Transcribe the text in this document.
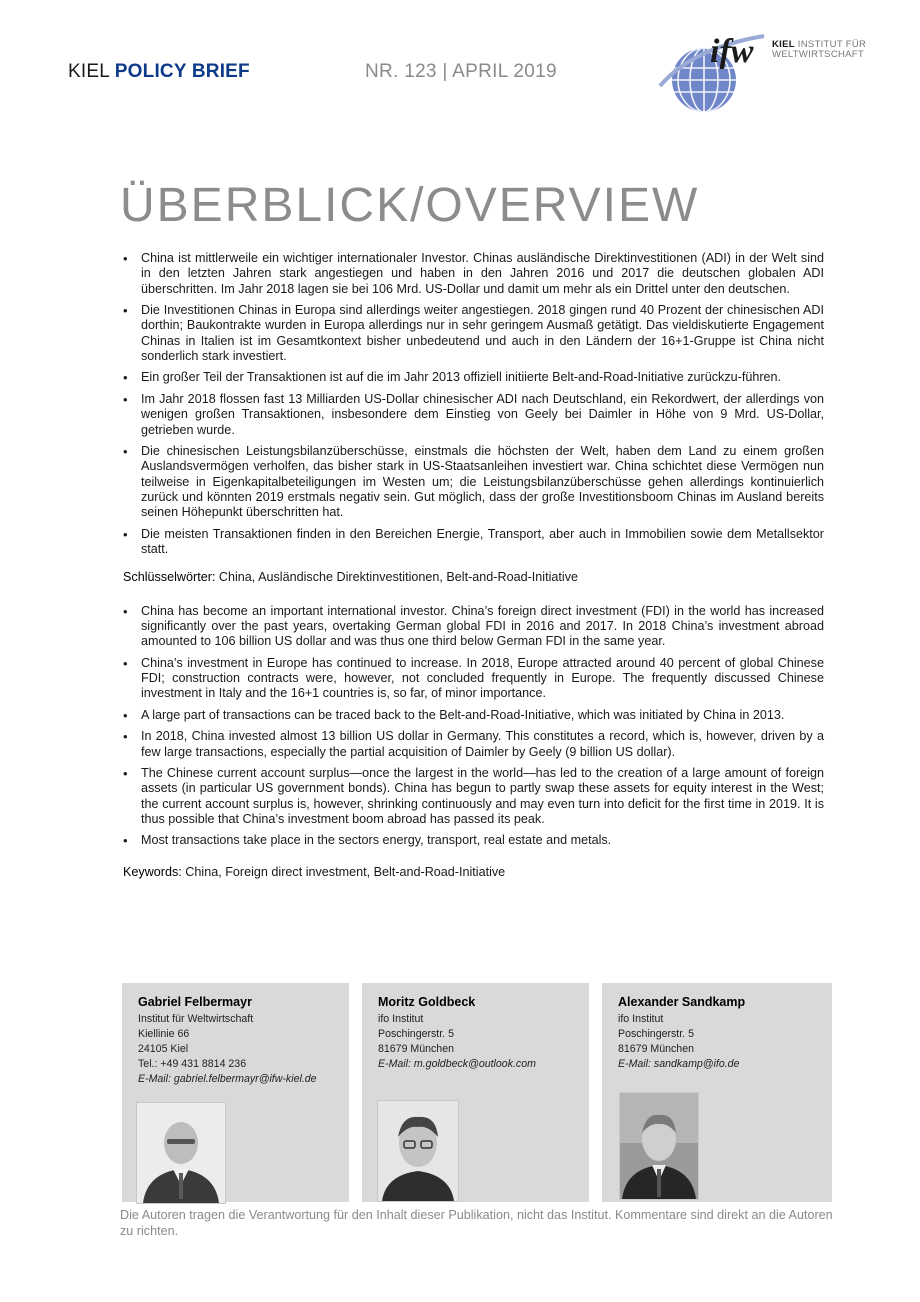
KIEL POLICY BRIEF	NR. 123 | APRIL 2019
ifw KIEL INSTITUT FÜR
WELTWIRTSCHAFT
ÜBERBLICK/OVERVIEW
• China ist mittlerweile ein wichtiger internationaler Investor. Chinas ausländische Direktinvestitionen (ADI) in der Welt sind in den letzten Jahren stark angestiegen und haben in den Jahren 2016 und 2017 die deutschen globalen ADI überschritten. Im Jahr 2018 lagen sie bei 106 Mrd. US-Dollar und damit um mehr als ein Drittel unter den deutschen.
• Die Investitionen Chinas in Europa sind allerdings weiter angestiegen. 2018 gingen rund 40 Prozent der chinesischen ADI dorthin; Baukontrakte wurden in Europa allerdings nur in sehr geringem Ausmaß getätigt. Das vieldiskutierte Engagement Chinas in Italien ist im Gesamtkontext bisher unbedeutend und auch in den Ländern der 16+1-Gruppe ist China nicht sonderlich stark investiert.
• Ein großer Teil der Transaktionen ist auf die im Jahr 2013 offiziell initiierte Belt-and-Road-Initiative zurückzu-führen.
• Im Jahr 2018 flossen fast 13 Milliarden US-Dollar chinesischer ADI nach Deutschland, ein Rekordwert, der allerdings von wenigen großen Transaktionen, insbesondere dem Einstieg von Geely bei Daimler in Höhe von 9 Mrd. US-Dollar, getrieben wurde.
• Die chinesischen Leistungsbilanzüberschüsse, einstmals die höchsten der Welt, haben dem Land zu einem großen Auslandsvermögen verholfen, das bisher stark in US-Staatsanleihen investiert war. China schichtet diese Vermögen nun teilweise in Eigenkapitalbeteiligungen im Westen um; die Leistungsbilanzüberschüsse gehen allerdings kontinuierlich zurück und könnten 2019 erstmals negativ sein. Gut möglich, dass der große Investitionsboom Chinas im Ausland bereits seinen Höhepunkt überschritten hat.
• Die meisten Transaktionen finden in den Bereichen Energie, Transport, aber auch in Immobilien sowie dem Metallsektor statt.
Schlüsselwörter: China, Ausländische Direktinvestitionen, Belt-and-Road-Initiative
• China has become an important international investor. China’s foreign direct investment (FDI) in the world has increased significantly over the past years, overtaking German global FDI in 2016 and 2017. In 2018 China’s investment abroad amounted to 106 billion US dollar and was thus one third below German FDI in the same year.
• China’s investment in Europe has continued to increase. In 2018, Europe attracted around 40 percent of global Chinese FDI; construction contracts were, however, not concluded frequently in Europe. The frequently discussed Chinese investment in Italy and the 16+1 countries is, so far, of minor importance.
• A large part of transactions can be traced back to the Belt-and-Road-Initiative, which was initiated by China in 2013.
• In 2018, China invested almost 13 billion US dollar in Germany. This constitutes a record, which is, however, driven by a few large transactions, especially the partial acquisition of Daimler by Geely (9 billion US dollar).
• The Chinese current account surplus—once the largest in the world—has led to the creation of a large amount of foreign assets (in particular US government bonds). China has begun to partly swap these assets for equity interest in the West; the current account surplus is, however, shrinking continuously and may even turn into deficit for the first time in 2019. It is thus possible that China’s investment boom abroad has passed its peak.
• Most transactions take place in the sectors energy, transport, real estate and metals.
Keywords: China, Foreign direct investment, Belt-and-Road-Initiative
Gabriel Felbermayr
Institut für Weltwirtschaft
Kiellinie 66
24105 Kiel
Tel.: +49 431 8814 236
E-Mail: gabriel.felbermayr@ifw-kiel.de
Moritz Goldbeck
ifo Institut
Poschingerstr. 5
81679 München
E-Mail: m.goldbeck@outlook.com
Alexander Sandkamp
ifo Institut
Poschingerstr. 5
81679 München
E-Mail: sandkamp@ifo.de
Die Autoren tragen die Verantwortung für den Inhalt dieser Publikation, nicht das Institut. Kommentare sind direkt an die Autoren zu richten.
